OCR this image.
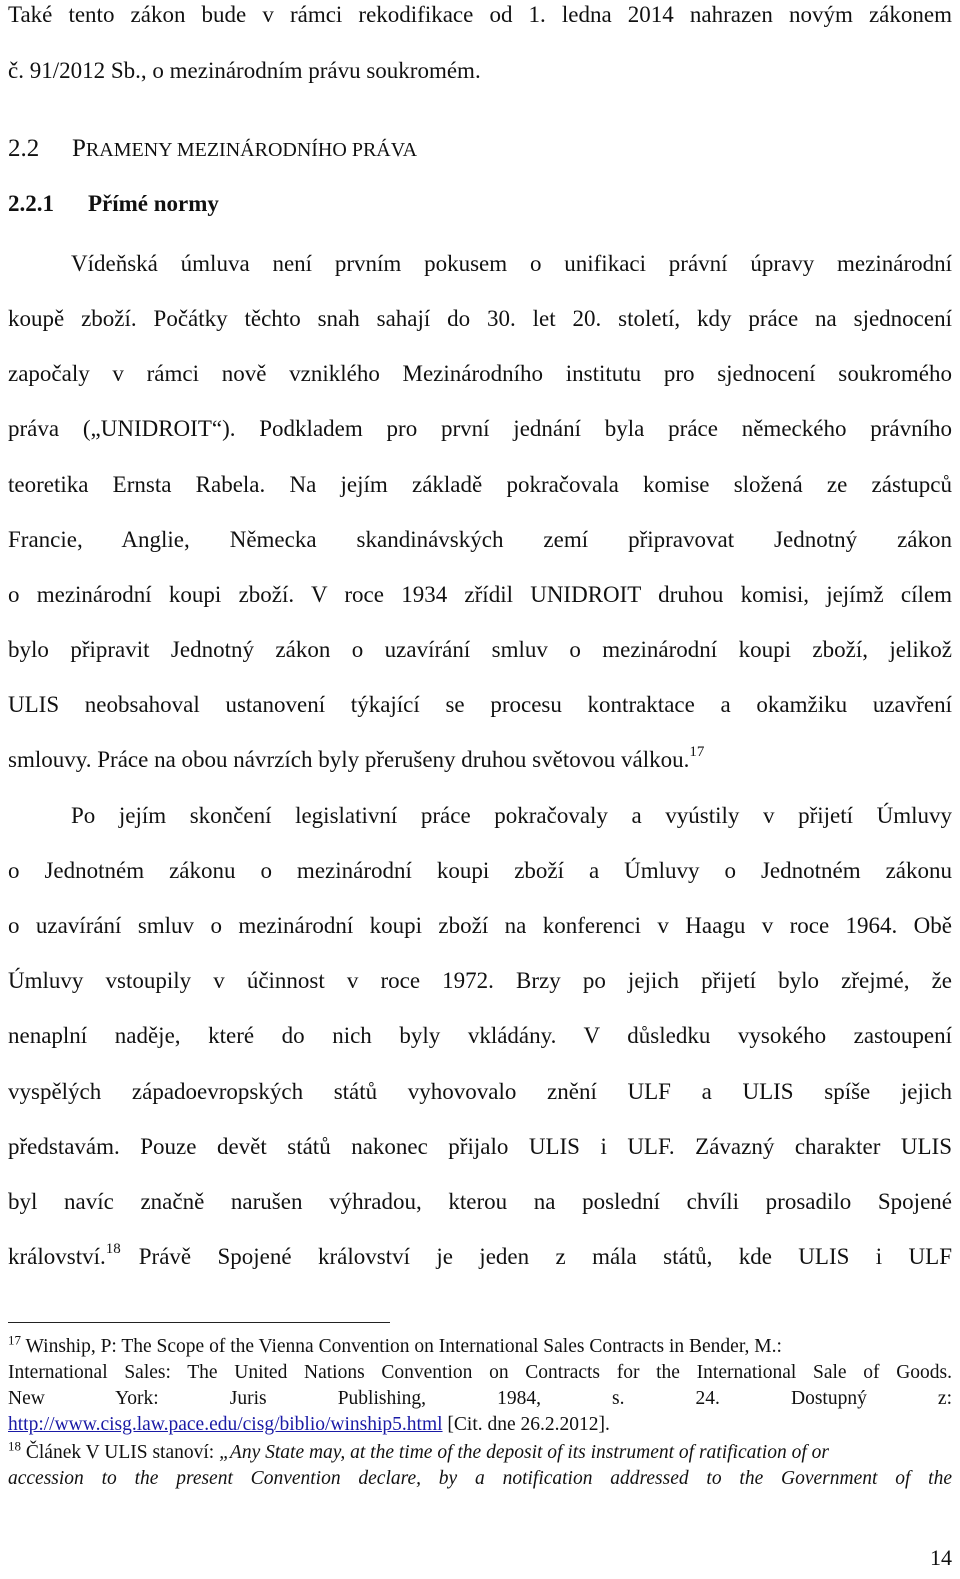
Také tento zákon bude v rámci rekodifikace od 1. ledna 2014 nahrazen novým zákonem
č. 91/2012 Sb., o mezinárodním právu soukromém.
2.2 PRAMENY MEZINÁRODNÍHO PRÁVA
2.2.1 Přímé normy
Vídeňská úmluva není prvním pokusem o unifikaci právní úpravy mezinárodní
koupě zboží. Počátky těchto snah sahají do 30. let 20. století, kdy práce na sjednocení
započaly v rámci nově vzniklého Mezinárodního institutu pro sjednocení soukromého
práva („UNIDROIT“). Podkladem pro první jednání byla práce německého právního
teoretika Ernsta Rabela. Na jejím základě pokračovala komise složená ze zástupců
Francie, Anglie, Německa skandinávských zemí připravovat Jednotný zákon
o mezinárodní koupi zboží. V roce 1934 zřídil UNIDROIT druhou komisi, jejímž cílem
bylo připravit Jednotný zákon o uzavírání smluv o mezinárodní koupi zboží, jelikož
ULIS neobsahoval ustanovení týkající se procesu kontraktace a okamžiku uzavření
smlouvy. Práce na obou návrzích byly přerušeny druhou světovou válkou.$^{17}$
Po jejím skončení legislativní práce pokračovaly a vyústily v přijetí Úmluvy
o Jednotném zákonu o mezinárodní koupi zboží a Úmluvy o Jednotném zákonu
o uzavírání smluv o mezinárodní koupi zboží na konferenci v Haagu v roce 1964. Obě
Úmluvy vstoupily v účinnost v roce 1972. Brzy po jejich přijetí bylo zřejmé, že
nenaplní naděje, které do nich byly vkládány. V důsledku vysokého zastoupení
vyspělých západoevropských států vyhovovalo znění ULF a ULIS spíše jejich
představám. Pouze devět států nakonec přijalo ULIS i ULF. Závazný charakter ULIS
byl navíc značně narušen výhradou, kterou na poslední chvíli prosadilo Spojené
království.$^{18}$ Právě Spojené království je jeden z mála států, kde ULIS i ULF
$^{17}$ Winship, P: The Scope of the Vienna Convention on International Sales Contracts in Bender, M.:
International Sales: The United Nations Convention on Contracts for the International Sale of Goods.
New York: Juris Publishing, 1984, s. 24. Dostupný z:
http://www.cisg.law.pace.edu/cisg/biblio/winship5.html [Cit. dne 26.2.2012].
$^{18}$ Článek V ULIS stanoví: „Any State may, at the time of the deposit of its instrument of ratification of or
accession to the present Convention declare, by a notification addressed to the Government of the
14
